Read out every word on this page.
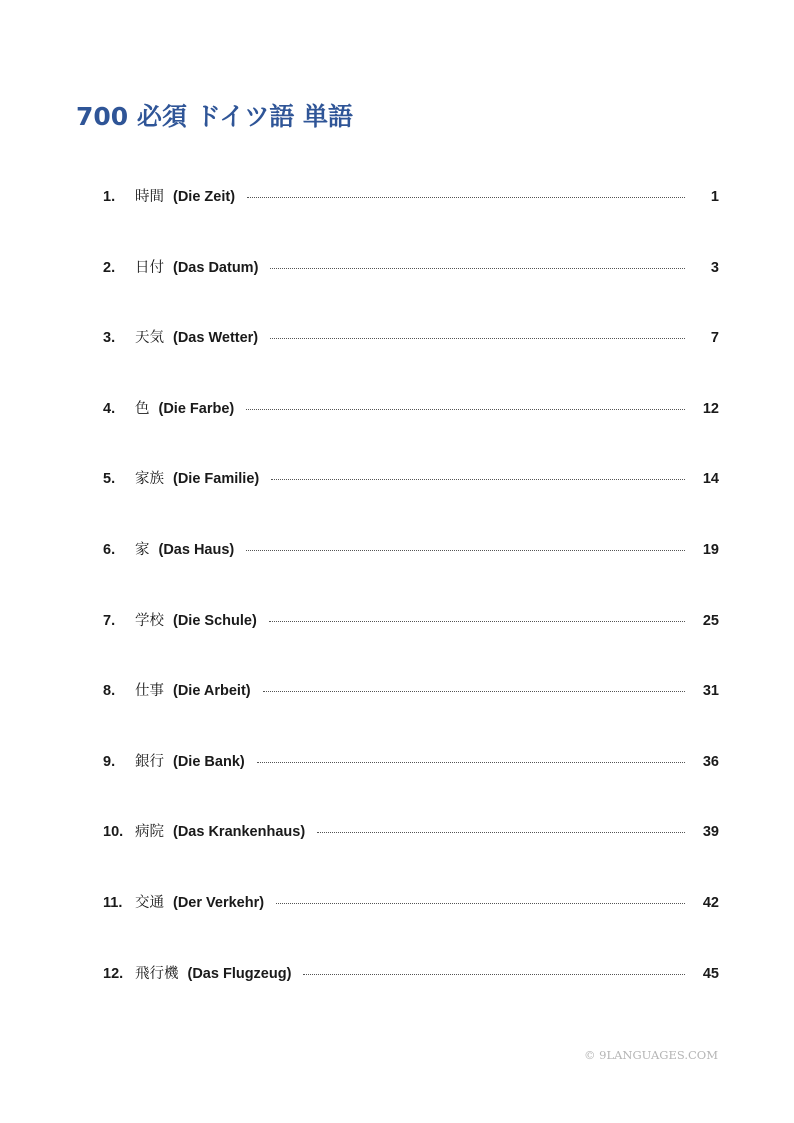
700 必須 ドイツ語 単語
1.	時間 (Die Zeit)	1
2.	日付 (Das Datum)	3
3.	天気 (Das Wetter)	7
4.	色 (Die Farbe)	12
5.	家族 (Die Familie)	14
6.	家 (Das Haus)	19
7.	学校 (Die Schule)	25
8.	仕事 (Die Arbeit)	31
9.	銀行 (Die Bank)	36
10. 病院 (Das Krankenhaus)	39
11. 交通 (Der Verkehr)	42
12. 飛行機 (Das Flugzeug)	45
© 9LANGUAGES.COM
